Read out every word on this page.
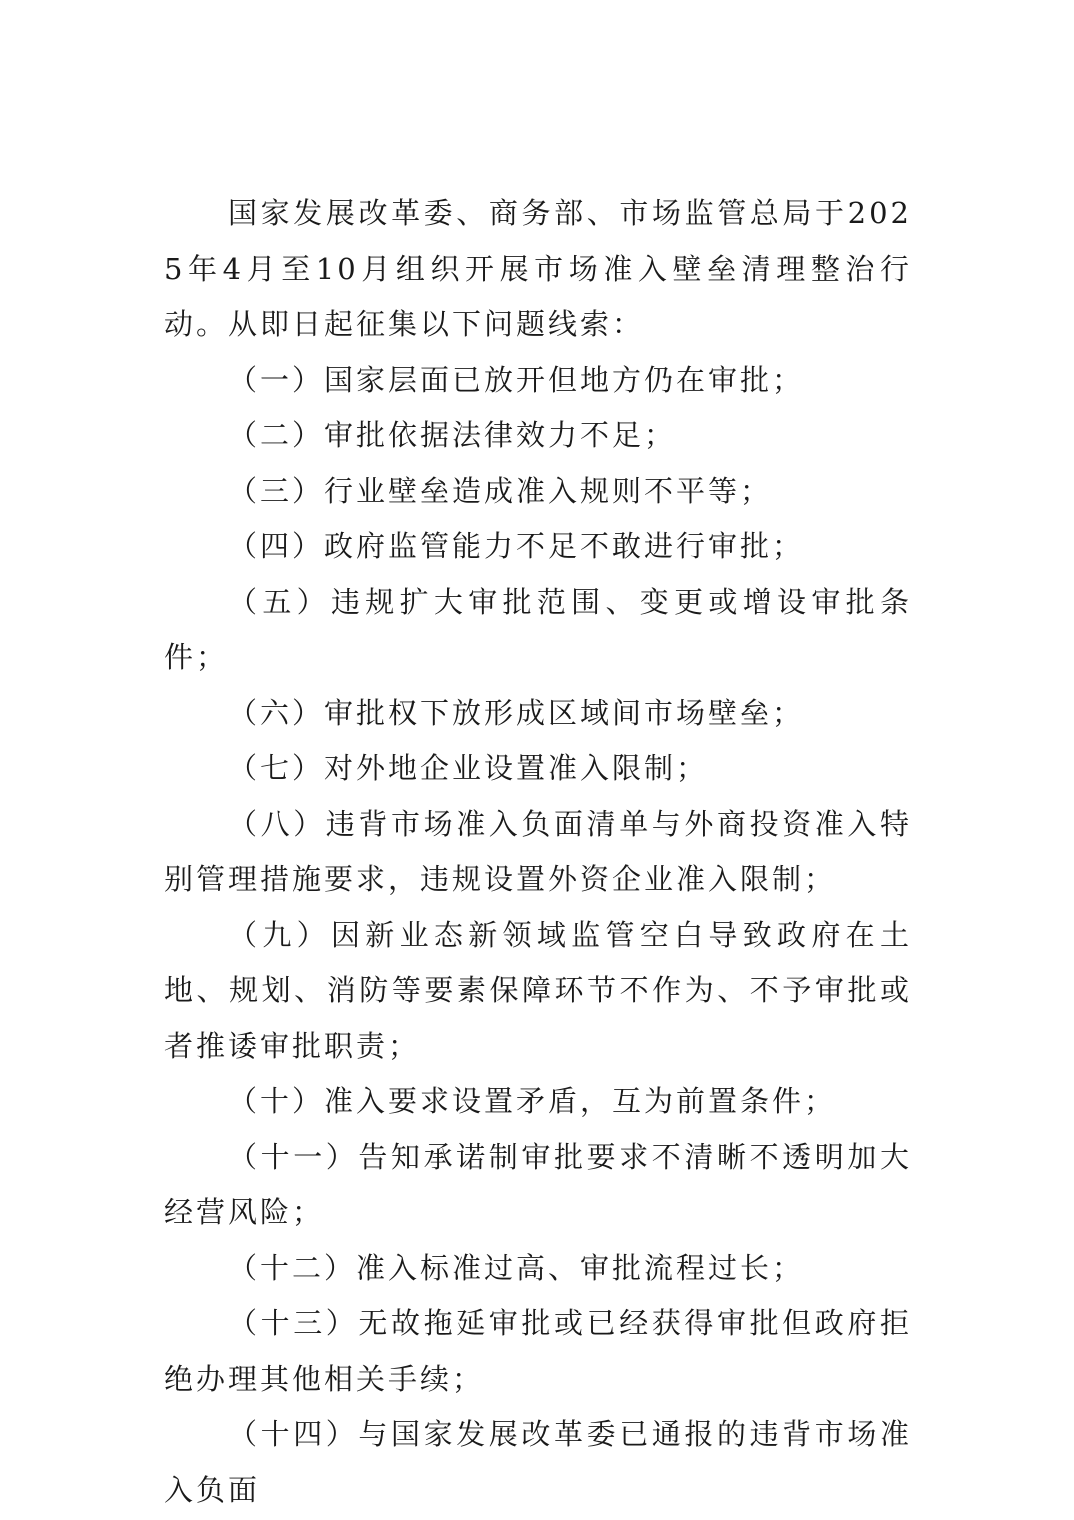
国家发展改革委、商务部、市场监管总局于2025年4月至10月组织开展市场准入壁垒清理整治行动。从即日起征集以下问题线索：

（一）国家层面已放开但地方仍在审批；

（二）审批依据法律效力不足；

（三）行业壁垒造成准入规则不平等；

（四）政府监管能力不足不敢进行审批；

（五）违规扩大审批范围、变更或增设审批条件；

（六）审批权下放形成区域间市场壁垒；

（七）对外地企业设置准入限制；

（八）违背市场准入负面清单与外商投资准入特别管理措施要求，违规设置外资企业准入限制；

（九）因新业态新领域监管空白导致政府在土地、规划、消防等要素保障环节不作为、不予审批或者推诿审批职责；

（十）准入要求设置矛盾，互为前置条件；

（十一）告知承诺制审批要求不清晰不透明加大经营风险；

（十二）准入标准过高、审批流程过长；

（十三）无故拖延审批或已经获得审批但政府拒绝办理其他相关手续；

（十四）与国家发展改革委已通报的违背市场准入负面
